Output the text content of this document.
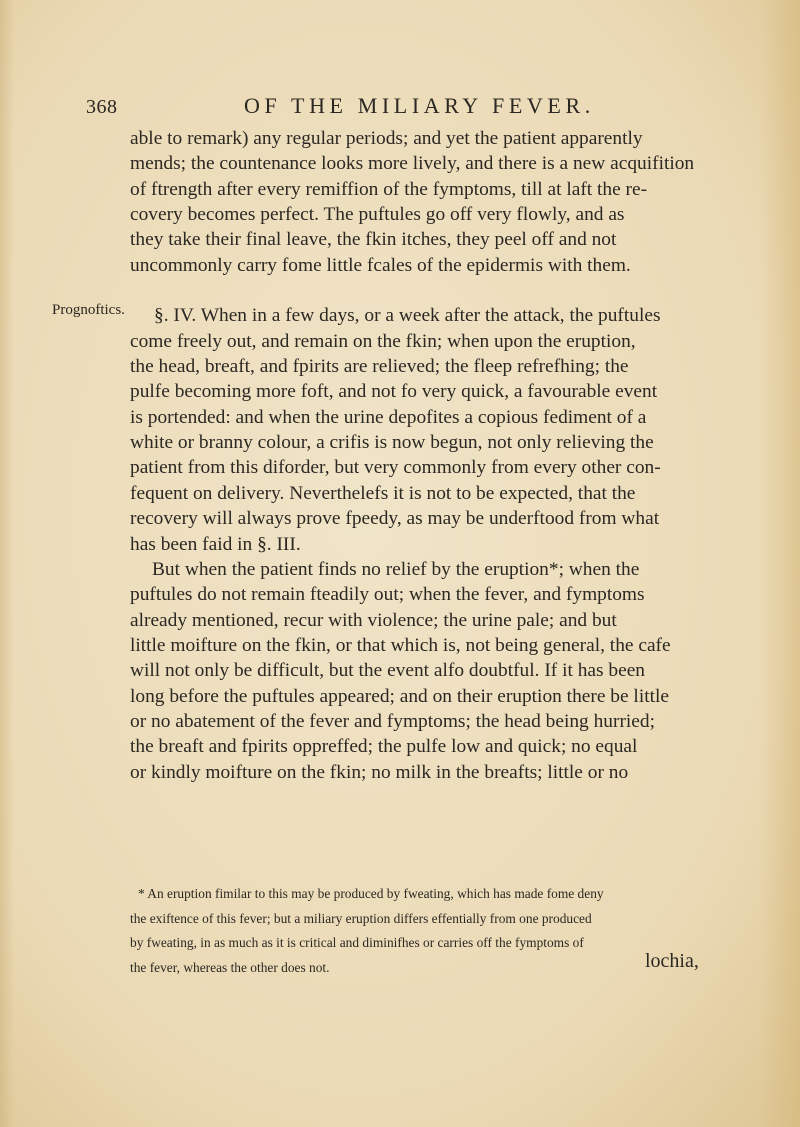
368	OF THE MILIARY FEVER.
Prognoftics.
able to remark) any regular periods; and yet the patient apparently
mends; the countenance looks more lively, and there is a new acquifition
of ftrength after every remiffion of the fymptoms, till at laft the re-
covery becomes perfect. The puftules go off very flowly, and as
they take their final leave, the fkin itches, they peel off and not
uncommonly carry fome little fcales of the epidermis with them.
§. IV. When in a few days, or a week after the attack, the puftules
come freely out, and remain on the fkin; when upon the eruption,
the head, breaft, and fpirits are relieved; the fleep refrefhing; the
pulfe becoming more foft, and not fo very quick, a favourable event
is portended: and when the urine depofites a copious fediment of a
white or branny colour, a crifis is now begun, not only relieving the
patient from this diforder, but very commonly from every other con-
fequent on delivery. Neverthelefs it is not to be expected, that the
recovery will always prove fpeedy, as may be underftood from what
has been faid in §. III.
But when the patient finds no relief by the eruption*; when the
puftules do not remain fteadily out; when the fever, and fymptoms
already mentioned, recur with violence; the urine pale; and but
little moifture on the fkin, or that which is, not being general, the cafe
will not only be difficult, but the event alfo doubtful. If it has been
long before the puftules appeared; and on their eruption there be little
or no abatement of the fever and fymptoms; the head being hurried;
the breaft and fpirits oppreffed; the pulfe low and quick; no equal
or kindly moifture on the fkin; no milk in the breafts; little or no
* An eruption fimilar to this may be produced by fweating, which has made fome deny
the exiftence of this fever; but a miliary eruption differs effentially from one produced
by fweating, in as much as it is critical and diminifhes or carries off the fymptoms of
the fever, whereas the other does not.	lochia,
